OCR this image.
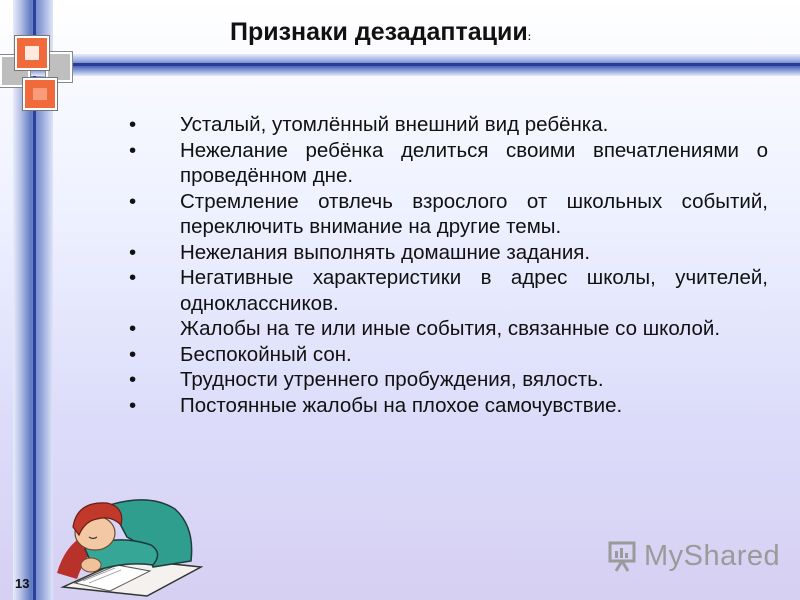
Признаки дезадаптации:
• Усталый, утомлённый внешний вид ребёнка.
• Нежелание ребёнка делиться своими впечатлениями о проведённом дне.
• Стремление отвлечь взрослого от школьных событий, переключить внимание на другие темы.
• Нежелания выполнять домашние задания.
• Негативные характеристики в адрес школы, учителей, одноклассников.
• Жалобы на те или иные события, связанные со школой.
• Беспокойный сон.
• Трудности утреннего пробуждения, вялость.
• Постоянные жалобы на плохое самочувствие.
MyShared
13
